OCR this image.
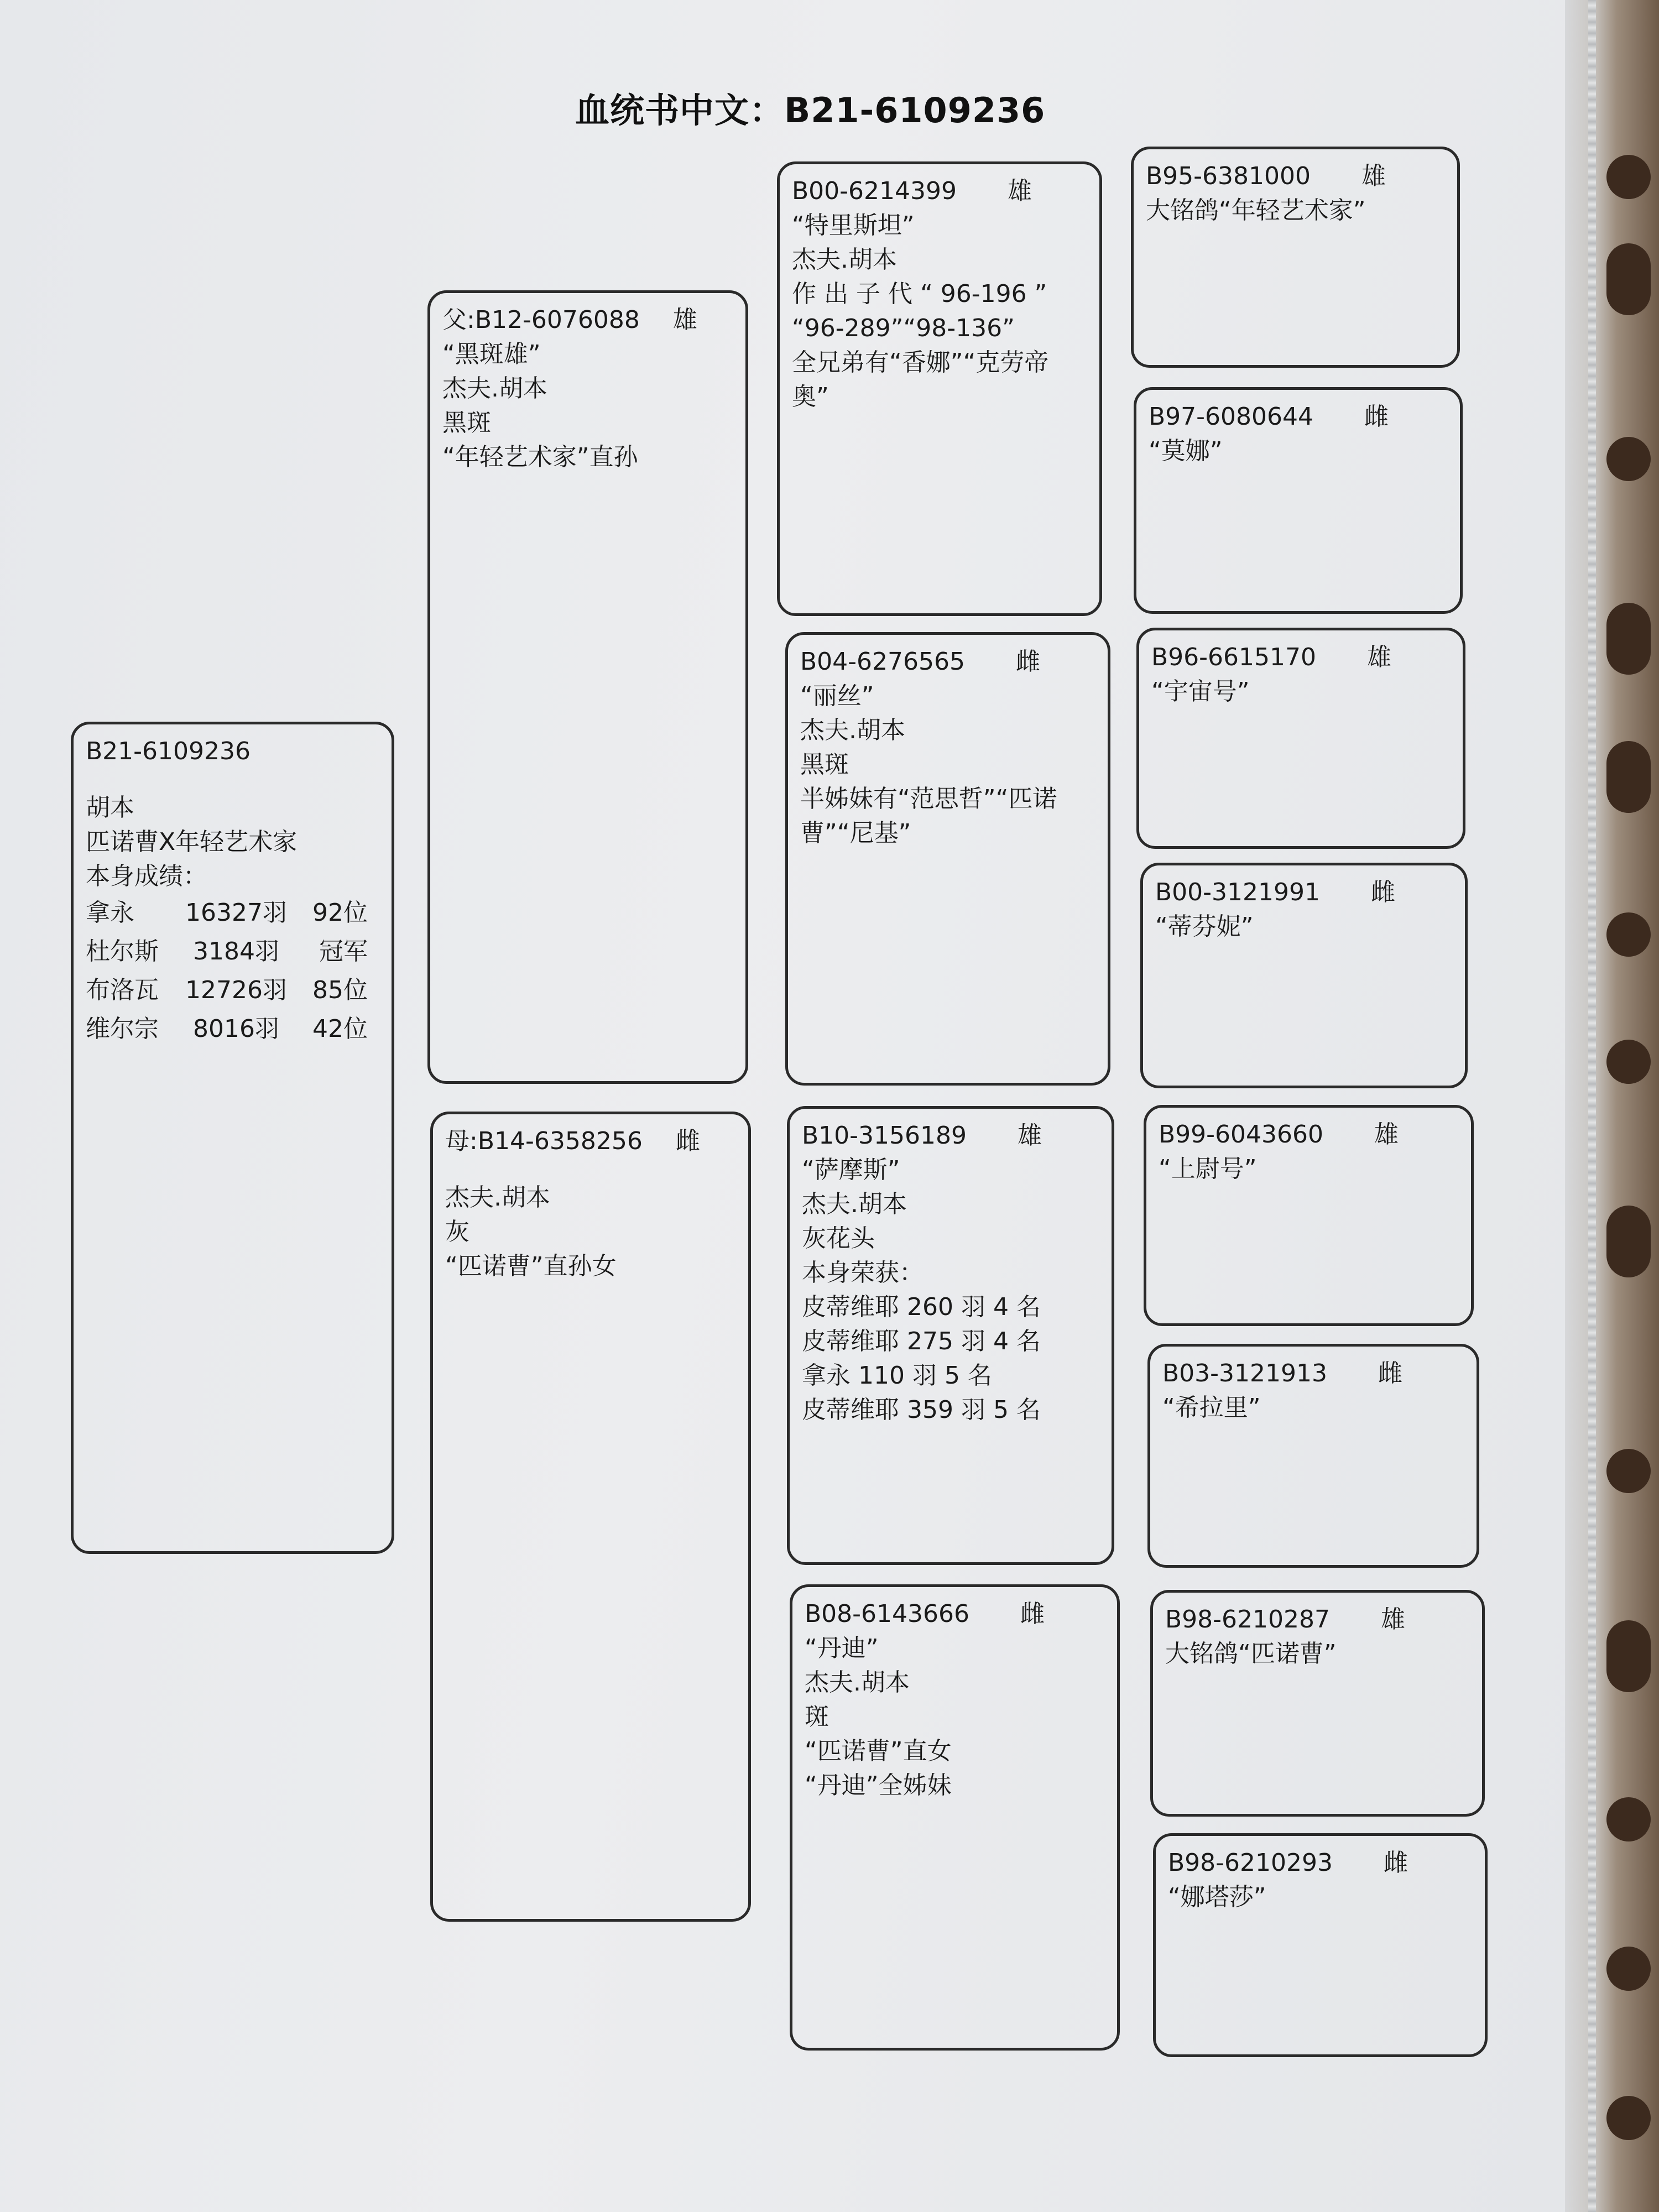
血统书中文：B21-6109236
B21-6109236
胡本
匹诺曹X年轻艺术家
本身成绩：
拿永	16327羽	92位
杜尔斯	3184羽	冠军
布洛瓦	12726羽	85位
维尔宗	8016羽	42位
父:B12-6076088 雄
“黑斑雄”
杰夫.胡本
黑斑
“年轻艺术家”直孙
母:B14-6358256 雌
杰夫.胡本
灰
“匹诺曹”直孙女
B00-6214399	雄
“特里斯坦”
杰夫.胡本
作 出 子 代 “ 96-196 ”
“96-289”“98-136”
全兄弟有“香娜”“克劳帝
奥”
B04-6276565	雌
“丽丝”
杰夫.胡本
黑斑
半姊妹有“范思哲”“匹诺
曹”“尼基”
B10-3156189	雄
“萨摩斯”
杰夫.胡本
灰花头
本身荣获：
皮蒂维耶 260 羽 4 名
皮蒂维耶 275 羽 4 名
拿永 110 羽 5 名
皮蒂维耶 359 羽 5 名
B08-6143666	雌
“丹迪”
杰夫.胡本
斑
“匹诺曹”直女
“丹迪”全姊妹
B95-6381000	雄
大铭鸽“年轻艺术家”
B97-6080644	雌
“莫娜”
B96-6615170	雄
“宇宙号”
B00-3121991	雌
“蒂芬妮”
B99-6043660	雄
“上尉号”
B03-3121913	雌
“希拉里”
B98-6210287	雄
大铭鸽“匹诺曹”
B98-6210293	雌
“娜塔莎”
